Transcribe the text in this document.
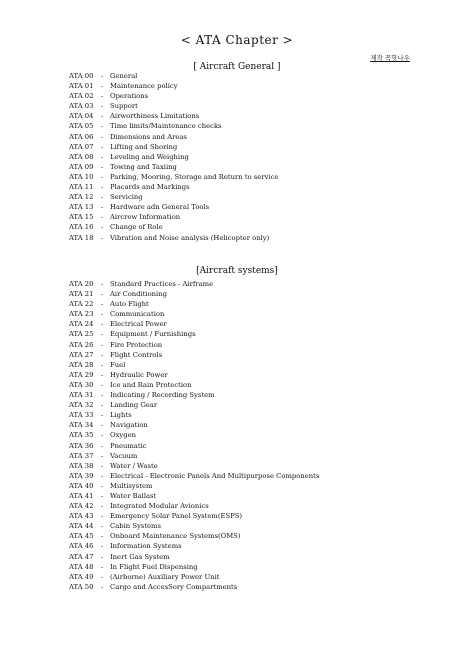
< ATA Chapter >
제작 꼭핫나우
[ Aircraft General ]
ATA 00 - General
ATA 01 - Maintenance policy
ATA 02 - Operations
ATA 03 - Support
ATA 04 - Airworthiness Limitations
ATA 05 - Time limits/Maintenance checks
ATA 06 - Dimensions and Areas
ATA 07 - Lifting and Shoring
ATA 08 - Leveling and Weighing
ATA 09 - Towing and Taxiing
ATA 10 - Parking, Mooring, Storage and Return to service
ATA 11 - Placards and Markings
ATA 12 - Servicing
ATA 13 - Hardware adn General Tools
ATA 15 - Aircrew Information
ATA 16 - Change of Role
ATA 18 - Vibration and Noise analysis (Helicopter only)
[Aircraft systems]
ATA 20 - Standard Practices - Airframe
ATA 21 - Air Conditioning
ATA 22 - Auto Flight
ATA 23 - Communication
ATA 24 - Electrical Power
ATA 25 - Equipment / Furnishings
ATA 26 - Fire Protection
ATA 27 - Flight Controls
ATA 28 - Fuel
ATA 29 - Hydraulic Power
ATA 30 - Ice and Rain Protection
ATA 31 - Indicating / Recording System
ATA 32 - Landing Gear
ATA 33 - Lights
ATA 34 - Navigation
ATA 35 - Oxygen
ATA 36 - Pneumatic
ATA 37 - Vacuum
ATA 38 - Water / Waste
ATA 39 - Electrical - Electronic Panels And Multipurpose Components
ATA 40 - Multisystem
ATA 41 - Water Ballast
ATA 42 - Integrated Modular Avionics
ATA 43 - Emergency Solar Panel System(ESPS)
ATA 44 - Cabin Systems
ATA 45 - Onboard Maintenance Systems(OMS)
ATA 46 - Information Systems
ATA 47 - Inert Gas System
ATA 48 - In Flight Fuel Dispensing
ATA 49 - (Airborne) Auxiliary Power Unit
ATA 50 - Cargo and AccesSory Compartments
